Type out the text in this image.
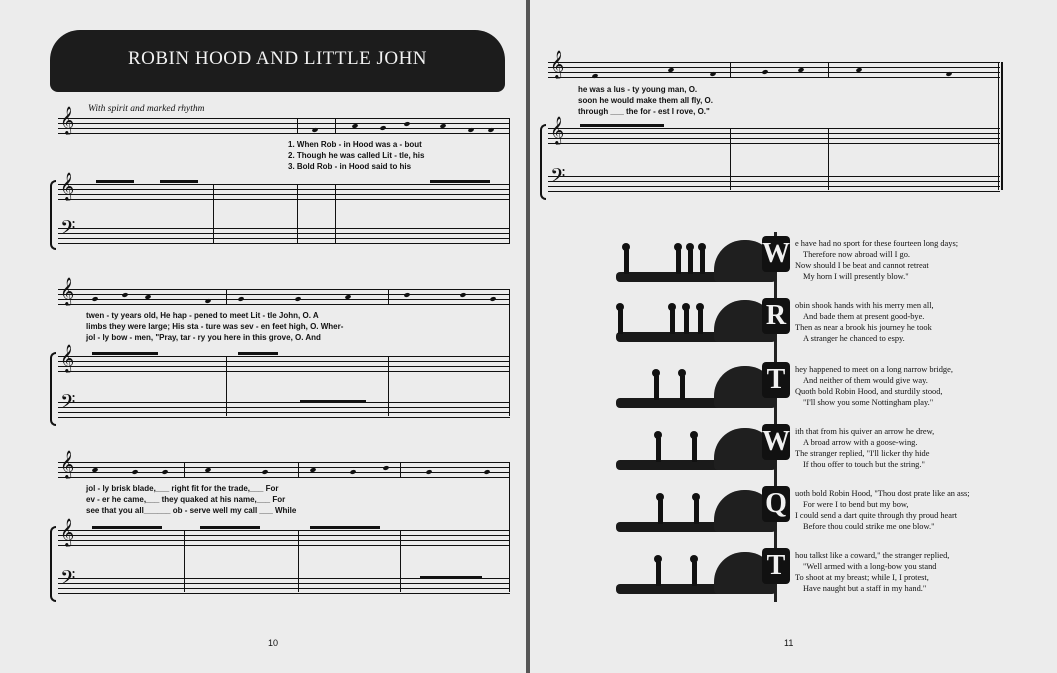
ROBIN HOOD AND LITTLE JOHN
With spirit and marked rhythm
𝄞
1. When Rob - in Hood was a - bout
2. Though he was called Lit - tle, his
3. Bold Rob - in Hood said to his
𝄞
𝄢
𝄞
twen - ty years old, He hap - pened to meet Lit - tle John, O. A
limbs they were large; His sta - ture was sev - en feet high, O. Wher-
jol - ly bow - men, "Pray, tar - ry you here in this grove, O. And
𝄞
𝄢
𝄞
jol - ly brisk blade,___ right fit for the trade,___ For
ev - er he came,___ they quaked at his name,___ For
see that you all______ ob - serve well my call ___ While
𝄞
𝄢
10
𝄞
he was a lus - ty young man, O.
soon he would make them all fly, O.
through ___ the for - est I rove, O."
𝄞
𝄢
W e have had no sport for these fourteen long days;
Therefore now abroad will I go.
Now should I be beat and cannot retreat
My horn I will presently blow."
R	obin shook hands with his merry men all,
And bade them at present good-bye.
Then as near a brook his journey he took
A stranger he chanced to espy.
T	hey happened to meet on a long narrow bridge,
And neither of them would give way.
Quoth bold Robin Hood, and sturdily stood,
"I'll show you some Nottingham play."
W ith that from his quiver an arrow he drew,
A broad arrow with a goose-wing.
The stranger replied, "I'll licker thy hide
If thou offer to touch but the string."
Q uoth bold Robin Hood, "Thou dost prate like an ass;
For were I to bend but my bow,
I could send a dart quite through thy proud heart
Before thou could strike me one blow."
T	hou talkst like a coward," the stranger replied,
"Well armed with a long-bow you stand
To shoot at my breast; while I, I protest,
Have naught but a staff in my hand."
11
